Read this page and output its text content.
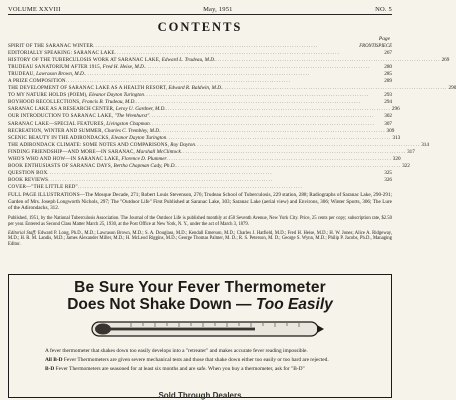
VOLUME XXVIII	May, 1951	NO. 5
CONTENTS
Page
SPIRIT OF THE SARANAC WINTER . . .	FRONTISPIECE
EDITORIALLY SPEAKING: SARANAC LAKE . . .	267
HISTORY OF THE TUBERCULOSIS WORK AT SARANAC LAKE, Edward L. Trudeau, M.D. . . .	269
TRUDEAU SANATORIUM AFTER 1915, Fred H. Heise, M.D. . . .	280
TRUDEAU, Lawrason Brown, M.D. . . .	285
A PRIZE COMPOSITION . . .	289
THE DEVELOPMENT OF SARANAC LAKE AS A HEALTH RESORT, Edward R. Baldwin, M.D. . . .	290
TO MY NATURE HOLDS (POEM), Eleanor Dayton Turington . . .	293
BOYHOOD RECOLLECTIONS, Francis B. Trudeau, M.D. . . .	294
SARANAC LAKE AS A RESEARCH CENTER, Leroy U. Gardner, M.D. . . .	296
OUR INTRODUCTION TO SARANAC LAKE, "The Wrenhurst" . . .	302
SARANAC LAKE—SPECIAL FEATURES, Livingston Chapman . . .	307
RECREATION, WINTER AND SUMMER, Charles C. Trembley, M.D. . . .	309
SCENIC BEAUTY IN THE ADIRONDACKS, Eleanor Dayton Turington . . .	313
THE ADIRONDACK CLIMATE: SOME NOTES AND COMPARISONS, Roy Dayton . . .	314
FINDING FRIENDSHIP—AND MORE—IN SARANAC, Marshall McClintock . . .	317
WHO'S WHO AND HOW—IN SARANAC LAKE, Florence D. Plummer . . .	320
BOOK ENTHUSIASTS OF SARANAC DAYS, Bertha Chapman Cady, Ph.D. . . .	322
QUESTION BOX . . .	325
BOOK REVIEWS . . .	326
COVER—"THE LITTLE RED"
. . .
FULL PAGE ILLUSTRATIONS—The Mosque Decade, 271; Robert Louis Stevenson, 276; Trudeau School of Tuberculosis, 229 station, 288; Radiographs of Saranac Lake, 290-291; Garden of Mrs. Joseph Longworth Nichols, 297; The "Outdoor Life" First Published at Saranac Lake, 303; Saranac Lake (aerial view) and Environs, 306; Winter Sports, 306; The Lure of the Adirondacks, 312.
Published, 1951, by the National Tuberculosis Association. The Journal of the Outdoor Life is published monthly at 450 Seventh Avenue, New York City. Price, 25 cents per copy; subscription rate, $2.50 per year. Entered as Second Class Matter March 25, 1930, at the Post Office at New York, N. Y., under the act of March 3, 1879.
Editorial Staff: Edward P. Long, Ph.D., M.D.; Lawrason Brown, M.D.; S. A. Douglass, M.D.; Kendall Emerson, M.D.; Charles J. Hatfield, M.D.; Fred H. Heise, M.D.; H. W. Jones; Alice A. Ridgeway, M.D.; H. R. M. Landis, M.D.; James Alexander Miller, M.D.; H. McLeod Riggins, M.D.; George Thomas Palmer, M. D.; R. S. Peterson, M. D.; George S. Wynn, M.D.; Philip P. Jacobs, Ph.D., Managing Editor.
Be Sure Your Fever Thermometer
Does Not Shake Down — Too Easily

A fever thermometer that shakes down too easily develops into a "retreater" and makes accurate fever reading impossible.

All B-D Fever Thermometers are given severe mechanical tests and those that shake down either too easily or too hard are rejected.

B-D Fever Thermometers are seasoned for at least six months and are safe. When you buy a thermometer, ask for "B-D"

Sold Through Dealers
